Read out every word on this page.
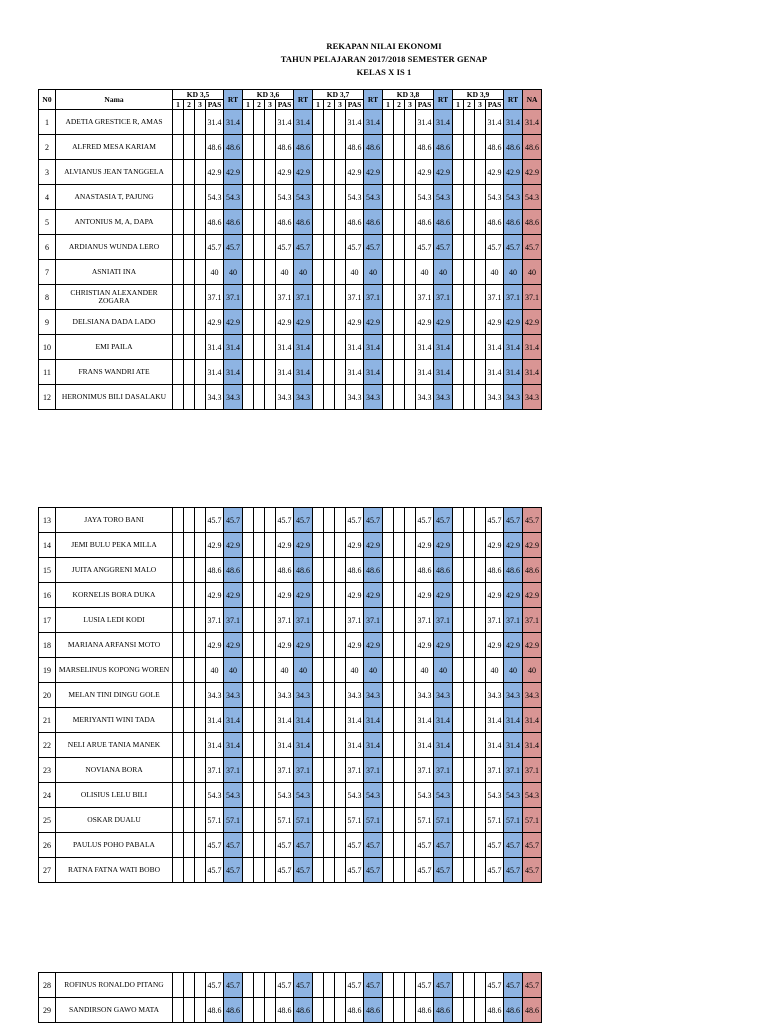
REKAPAN NILAI EKONOMI
TAHUN PELAJARAN 2017/2018 SEMESTER GENAP
KELAS X IS 1
N0	Nama	KD 3,5				RT	KD 3,6				RT	KD 3,7				RT	KD 3,8				RT	KD 3,9				RT	NA
		1	2	3	PAS		1	2	3	PAS		1	2	3	PAS		1	2	3	PAS		1	2	3	PAS		
1	ADETIA GRESTICE R, AMAS				31.4	31.4				31.4	31.4				31.4	31.4				31.4	31.4				31.4	31.4	31.4
2	ALFRED MESA KARIAM				48.6	48.6				48.6	48.6				48.6	48.6				48.6	48.6				48.6	48.6	48.6
3	ALVIANUS JEAN TANGGELA				42.9	42.9				42.9	42.9				42.9	42.9				42.9	42.9				42.9	42.9	42.9
4	ANASTASIA T, PAJUNG				54.3	54.3				54.3	54.3				54.3	54.3				54.3	54.3				54.3	54.3	54.3
5	ANTONIUS M, A, DAPA				48.6	48.6				48.6	48.6				48.6	48.6				48.6	48.6				48.6	48.6	48.6
6	ARDIANUS WUNDA LERO				45.7	45.7				45.7	45.7				45.7	45.7				45.7	45.7				45.7	45.7	45.7
7	ASNIATI INA				40	40				40	40				40	40				40	40				40	40	40
8	CHRISTIAN ALEXANDER ZOGARA				37.1	37.1				37.1	37.1				37.1	37.1				37.1	37.1				37.1	37.1	37.1
9	DELSIANA DADA LADO				42.9	42.9				42.9	42.9				42.9	42.9				42.9	42.9				42.9	42.9	42.9
10	EMI PAILA				31.4	31.4				31.4	31.4				31.4	31.4				31.4	31.4				31.4	31.4	31.4
11	FRANS WANDRI ATE				31.4	31.4				31.4	31.4				31.4	31.4				31.4	31.4				31.4	31.4	31.4
12	HERONIMUS BILI DASALAKU				34.3	34.3				34.3	34.3				34.3	34.3				34.3	34.3				34.3	34.3	34.3
13	JAYA TORO BANI				45.7	45.7				45.7	45.7				45.7	45.7				45.7	45.7				45.7	45.7	45.7
14	JEMI BULU PEKA MILLA				42.9	42.9				42.9	42.9				42.9	42.9				42.9	42.9				42.9	42.9	42.9
15	JUITA ANGGRENI MALO				48.6	48.6				48.6	48.6				48.6	48.6				48.6	48.6				48.6	48.6	48.6
16	KORNELIS BORA DUKA				42.9	42.9				42.9	42.9				42.9	42.9				42.9	42.9				42.9	42.9	42.9
17	LUSIA LEDI KODI				37.1	37.1				37.1	37.1				37.1	37.1				37.1	37.1				37.1	37.1	37.1
18	MARIANA ARFANSI MOTO				42.9	42.9				42.9	42.9				42.9	42.9				42.9	42.9				42.9	42.9	42.9
19	MARSELINUS KOPONG WOREN				40	40				40	40				40	40				40	40				40	40	40
20	MELAN TINI DINGU GOLE				34.3	34.3				34.3	34.3				34.3	34.3				34.3	34.3				34.3	34.3	34.3
21	MERIYANTI WINI TADA				31.4	31.4				31.4	31.4				31.4	31.4				31.4	31.4				31.4	31.4	31.4
22	NELI ARUE TANIA MANEK				31.4	31.4				31.4	31.4				31.4	31.4				31.4	31.4				31.4	31.4	31.4
23	NOVIANA BORA				37.1	37.1				37.1	37.1				37.1	37.1				37.1	37.1				37.1	37.1	37.1
24	OLISIUS LELU BILI				54.3	54.3				54.3	54.3				54.3	54.3				54.3	54.3				54.3	54.3	54.3
25	OSKAR DUALU				57.1	57.1				57.1	57.1				57.1	57.1				57.1	57.1				57.1	57.1	57.1
26	PAULUS POHO PABALA				45.7	45.7				45.7	45.7				45.7	45.7				45.7	45.7				45.7	45.7	45.7
27	RATNA FATNA WATI BOBO				45.7	45.7				45.7	45.7				45.7	45.7				45.7	45.7				45.7	45.7	45.7
28	ROFINUS RONALDO PITANG				45.7	45.7				45.7	45.7				45.7	45.7				45.7	45.7				45.7	45.7	45.7
29	SANDIRSON GAWO MATA				48.6	48.6				48.6	48.6				48.6	48.6				48.6	48.6				48.6	48.6	48.6
